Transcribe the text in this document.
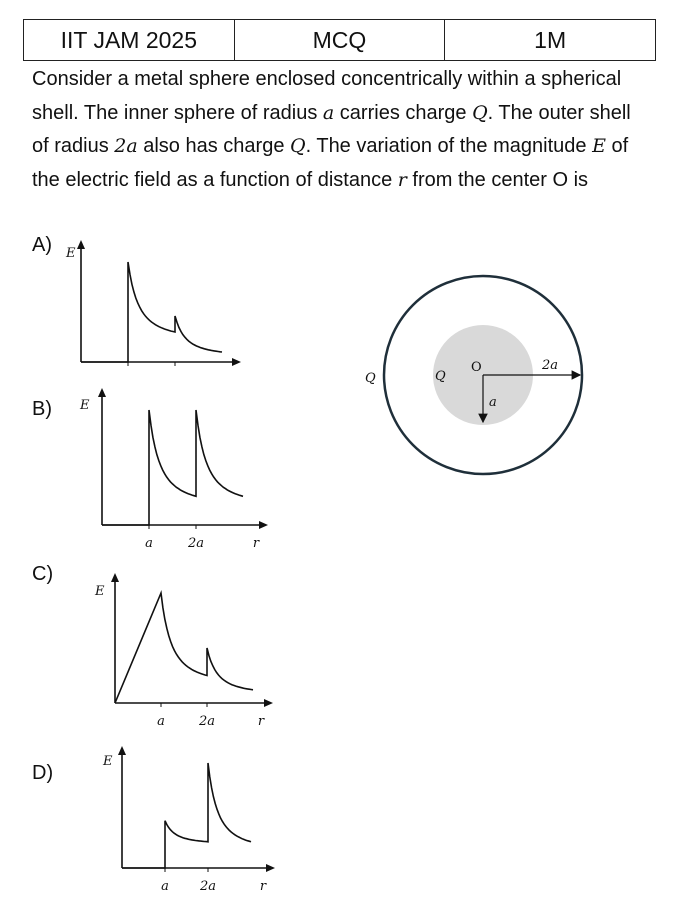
IIT JAM 2025	MCQ	1M
Consider a metal sphere enclosed concentrically within a spherical shell. The inner sphere of radius a carries charge Q. The outer shell of radius 2a also has charge Q. The variation of the magnitude E of the electric field as a function of distance r from the center O is
A)
B)
C)
D)
E
E
a	2a	r
E
a	2a	r
E
a 2a	r
Q	Q
O	2a
a
